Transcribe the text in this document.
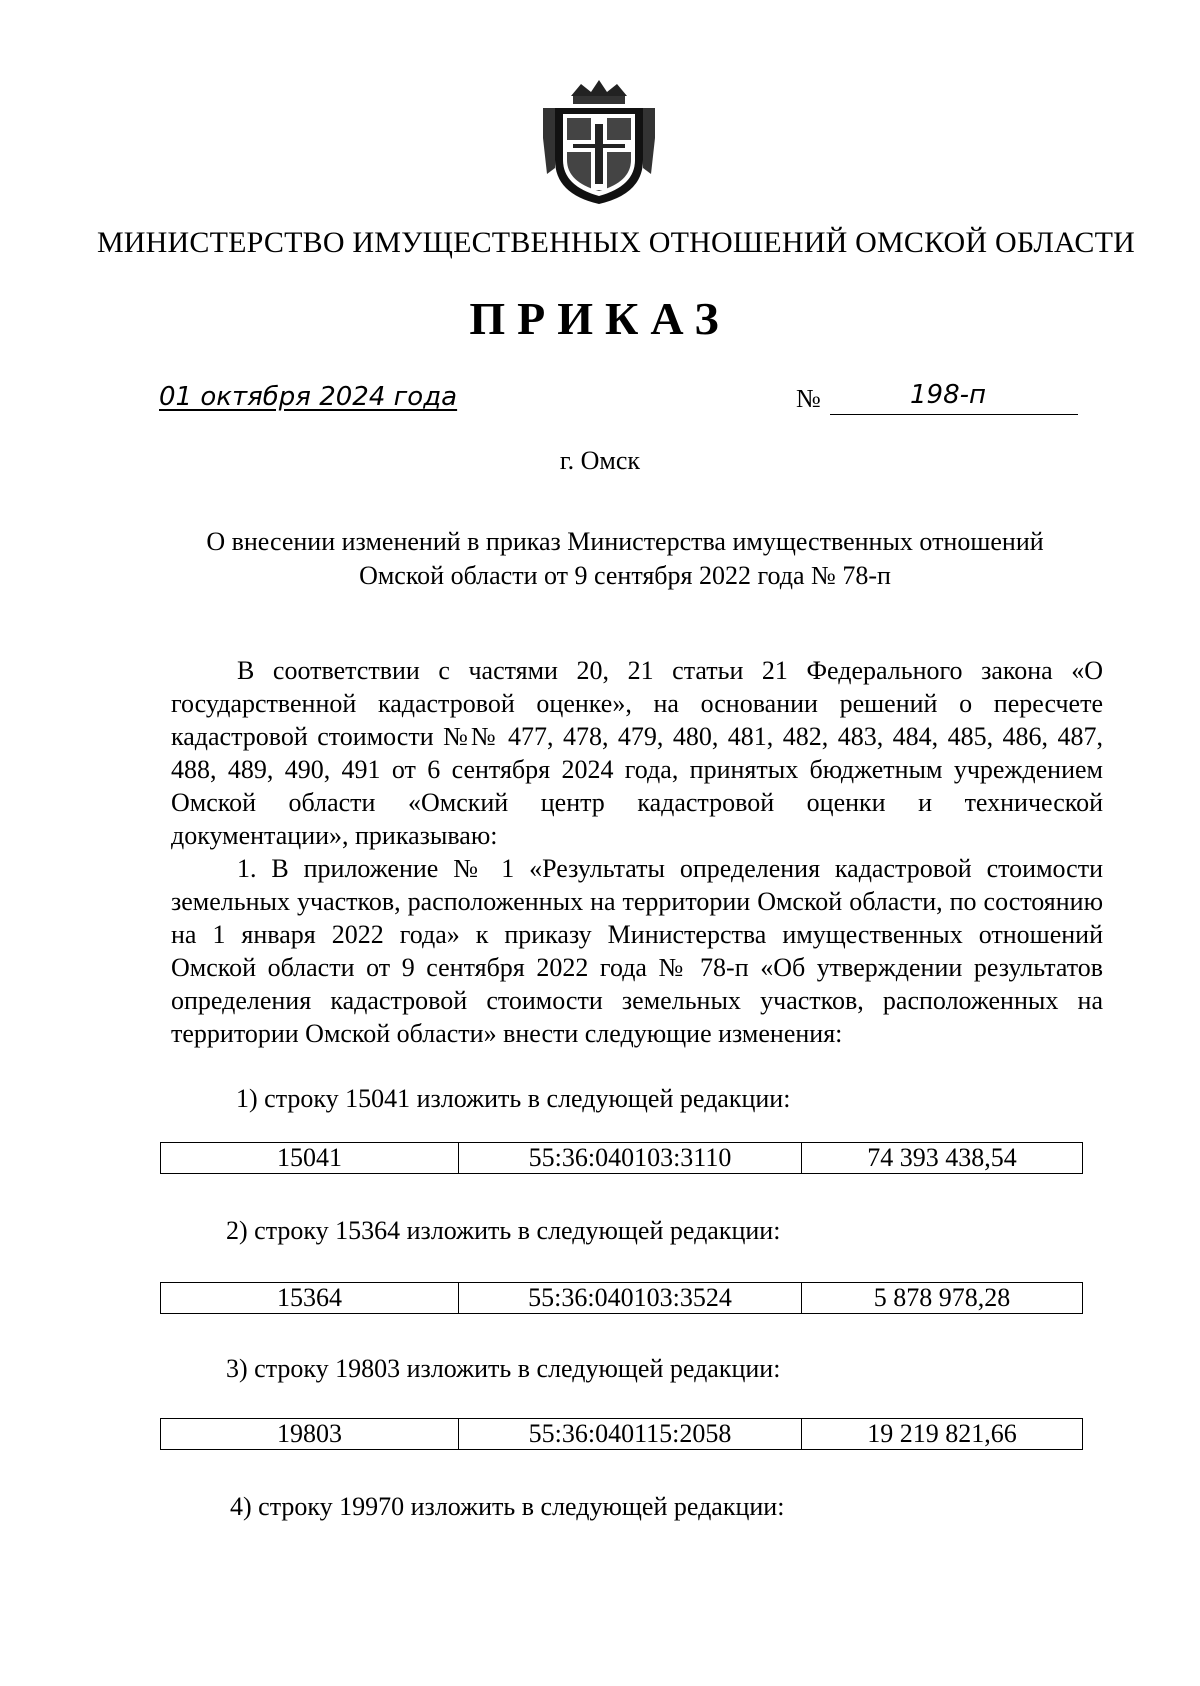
МИНИСТЕРСТВО ИМУЩЕСТВЕННЫХ ОТНОШЕНИЙ ОМСКОЙ ОБЛАСТИ
ПРИКАЗ
01 октября 2024 года	№	198-п
г. Омск
О внесении изменений в приказ Министерства имущественных отношений
Омской области от 9 сентября 2022 года № 78-п

В соответствии с частями 20, 21 статьи 21 Федерального закона «О государственной кадастровой оценке», на основании решений о пересчете кадастровой стоимости №№ 477, 478, 479, 480, 481, 482, 483, 484, 485, 486, 487, 488, 489, 490, 491 от 6 сентября 2024 года, принятых бюджетным учреждением Омской области «Омский центр кадастровой оценки и технической документации», приказываю:

1. В приложение № 1 «Результаты определения кадастровой стоимости земельных участков, расположенных на территории Омской области, по состоянию на 1 января 2022 года» к приказу Министерства имущественных отношений Омской области от 9 сентября 2022 года № 78-п «Об утверждении результатов определения кадастровой стоимости земельных участков, расположенных на территории Омской области» внести следующие изменения:

1) строку 15041 изложить в следующей редакции:
15041	55:36:040103:3110	74 393 438,54
2) строку 15364 изложить в следующей редакции:
15364	55:36:040103:3524	5 878 978,28
3) строку 19803 изложить в следующей редакции:
19803	55:36:040115:2058	19 219 821,66
4) строку 19970 изложить в следующей редакции:
